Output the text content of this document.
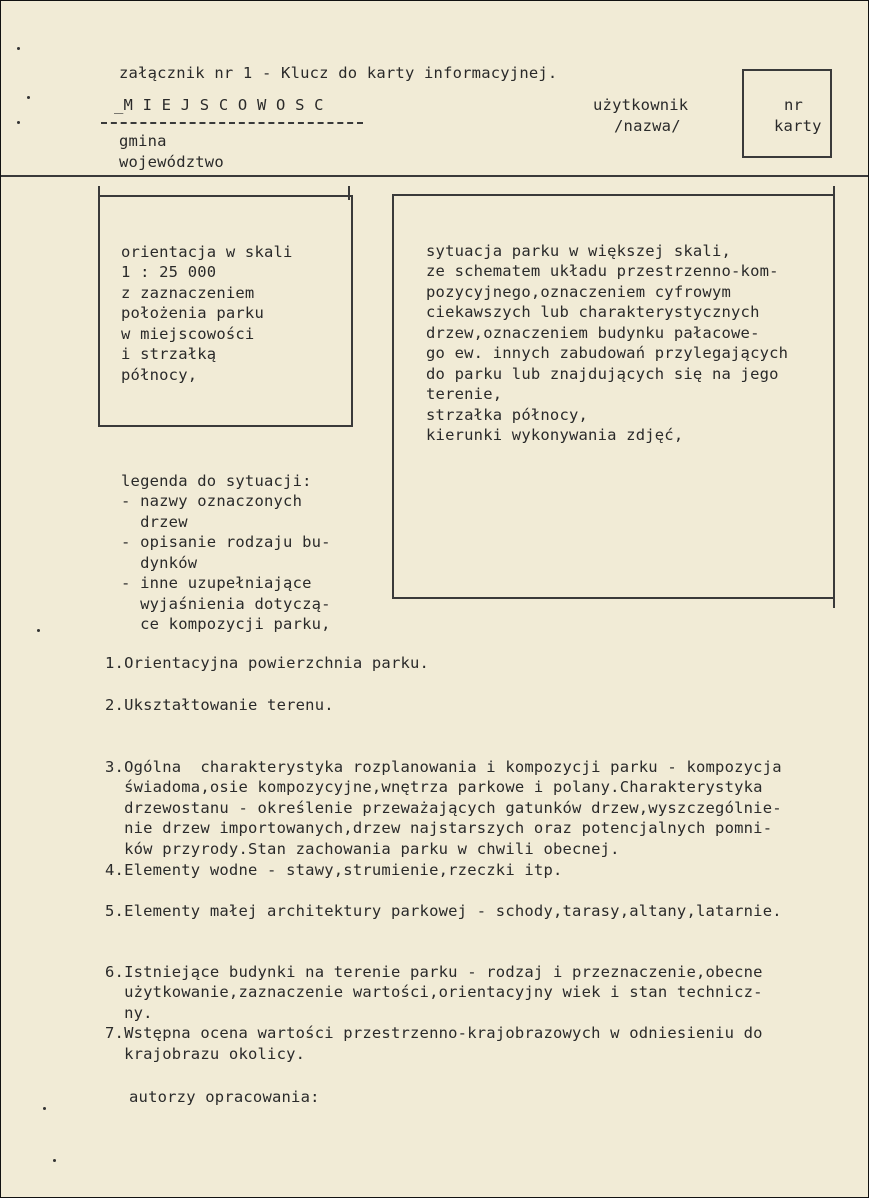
załącznik nr 1 - Klucz do karty informacyjnej.
_M I E J S C O W O S C
gmina
województwo
użytkownik
/nazwa/
nr
karty

orientacja w skali
1 : 25 000
z zaznaczeniem
położenia parku
w miejscowości
i strzałką
północy,

sytuacja parku w większej skali,
ze schematem układu przestrzenno-kom-
pozycyjnego,oznaczeniem cyfrowym
ciekawszych lub charakterystycznych
drzew,oznaczeniem budynku pałacowe-
go ew. innych zabudowań przylegających
do parku lub znajdujących się na jego
terenie,
strzałka północy,
kierunki wykonywania zdjęć,

legenda do sytuacji:
- nazwy oznaczonych
drzew
- opisanie rodzaju bu-
dynków
- inne uzupełniające
wyjaśnienia dotyczą-
ce kompozycji parku,
1.Orientacyjna powierzchnia parku.
2.Ukształtowanie terenu.

3.Ogólna  charakterystyka rozplanowania i kompozycji parku - kompozycja
świadoma,osie kompozycyjne,wnętrza parkowe i polany.Charakterystyka
drzewostanu - określenie przeważających gatunków drzew,wyszczególnie-
nie drzew importowanych,drzew najstarszych oraz potencjalnych pomni-
ków przyrody.Stan zachowania parku w chwili obecnej.
4.Elementy wodne - stawy,strumienie,rzeczki itp.
5.Elementy małej architektury parkowej - schody,tarasy,altany,latarnie.

6.Istniejące budynki na terenie parku - rodzaj i przeznaczenie,obecne
użytkowanie,zaznaczenie wartości,orientacyjny wiek i stan technicz-
ny.
7.Wstępna ocena wartości przestrzenno-krajobrazowych w odniesieniu do
krajobrazu okolicy.
autorzy opracowania:
